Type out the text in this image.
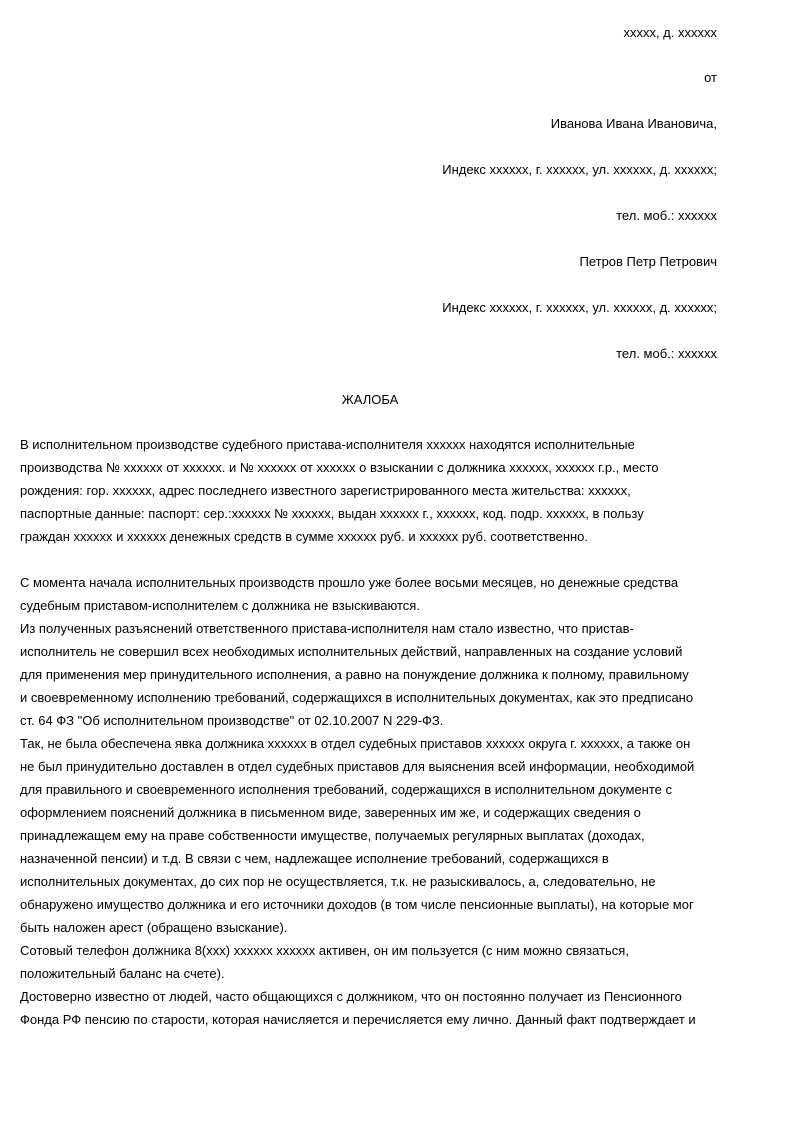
ххххх, д. хххххх
от
Иванова Ивана Ивановича,
Индекс хххххх, г. хххххх, ул. хххххх, д. хххххх;
тел. моб.: хххххх
Петров Петр Петрович
Индекс хххххх, г. хххххх, ул. хххххх, д. хххххх;
тел. моб.: хххххх
ЖАЛОБА
В исполнительном производстве судебного пристава-исполнителя хххххх находятся исполнительные
производства № хххххх от хххххх. и № хххххх от хххххх о взыскании с должника хххххх, хххххх г.р., место
рождения: гор. хххххх, адрес последнего известного зарегистрированного места жительства: хххххх,
паспортные данные: паспорт: сер.:хххххх № хххххх, выдан хххххх г., хххххх, код. подр. хххххх, в пользу
граждан хххххх и хххххх денежных средств в сумме хххххх руб. и хххххх руб. соответственно.
С момента начала исполнительных производств прошло уже более восьми месяцев, но денежные средства
судебным приставом-исполнителем с должника не взыскиваются.
Из полученных разъяснений ответственного пристава-исполнителя нам стало известно, что пристав-
исполнитель не совершил всех необходимых исполнительных действий, направленных на создание условий
для применения мер принудительного исполнения, а равно на понуждение должника к полному, правильному
и своевременному исполнению требований, содержащихся в исполнительных документах, как это предписано
ст. 64 ФЗ "Об исполнительном производстве" от 02.10.2007 N 229-ФЗ.
Так, не была обеспечена явка должника хххххх в отдел судебных приставов хххххх округа г. хххххх, а также он
не был принудительно доставлен в отдел судебных приставов для выяснения всей информации, необходимой
для правильного и своевременного исполнения требований, содержащихся в исполнительном документе с
оформлением пояснений должника в письменном виде, заверенных им же, и содержащих сведения о
принадлежащем ему на праве собственности имуществе, получаемых регулярных выплатах (доходах,
назначенной пенсии) и т.д. В связи с чем, надлежащее исполнение требований, содержащихся в
исполнительных документах, до сих пор не осуществляется, т.к. не разыскивалось, а, следовательно, не
обнаружено имущество должника и его источники доходов (в том числе пенсионные выплаты), на которые мог
быть наложен арест (обращено взыскание).
Сотовый телефон должника 8(ххх) хххххх хххххх активен, он им пользуется (с ним можно связаться,
положительный баланс на счете).
Достоверно известно от людей, часто общающихся с должником, что он постоянно получает из Пенсионного
Фонда РФ пенсию по старости, которая начисляется и перечисляется ему лично. Данный факт подтверждает и
